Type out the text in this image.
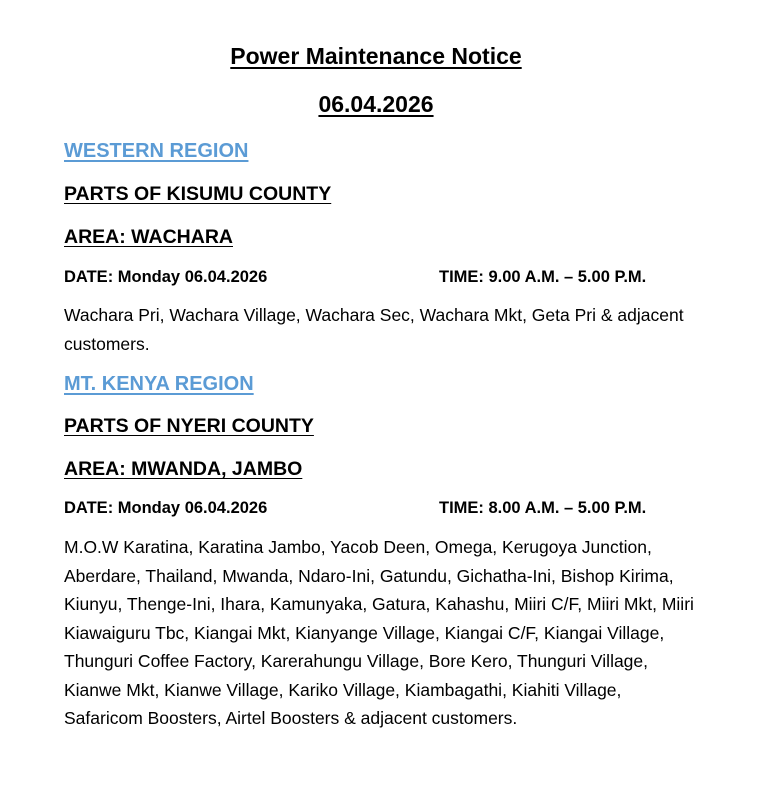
Power Maintenance Notice
06.04.2026
WESTERN REGION
PARTS OF KISUMU COUNTY
AREA: WACHARA
DATE: Monday 06.04.2026	TIME: 9.00 A.M. – 5.00 P.M.

Wachara Pri, Wachara Village, Wachara Sec, Wachara Mkt, Geta Pri & adjacent customers.

MT. KENYA REGION
PARTS OF NYERI COUNTY
AREA: MWANDA, JAMBO
DATE: Monday 06.04.2026	TIME: 8.00 A.M. – 5.00 P.M.

M.O.W Karatina, Karatina Jambo, Yacob Deen, Omega, Kerugoya Junction, Aberdare, Thailand, Mwanda, Ndaro-Ini, Gatundu, Gichatha-Ini, Bishop Kirima, Kiunyu, Thenge-Ini, Ihara, Kamunyaka, Gatura, Kahashu, Miiri C/F, Miiri Mkt, Miiri Kiawaiguru Tbc, Kiangai Mkt, Kianyange Village, Kiangai C/F, Kiangai Village, Thunguri Coffee Factory, Karerahungu Village, Bore Kero, Thunguri Village, Kianwe Mkt, Kianwe Village, Kariko Village, Kiambagathi, Kiahiti Village, Safaricom Boosters, Airtel Boosters & adjacent customers.
